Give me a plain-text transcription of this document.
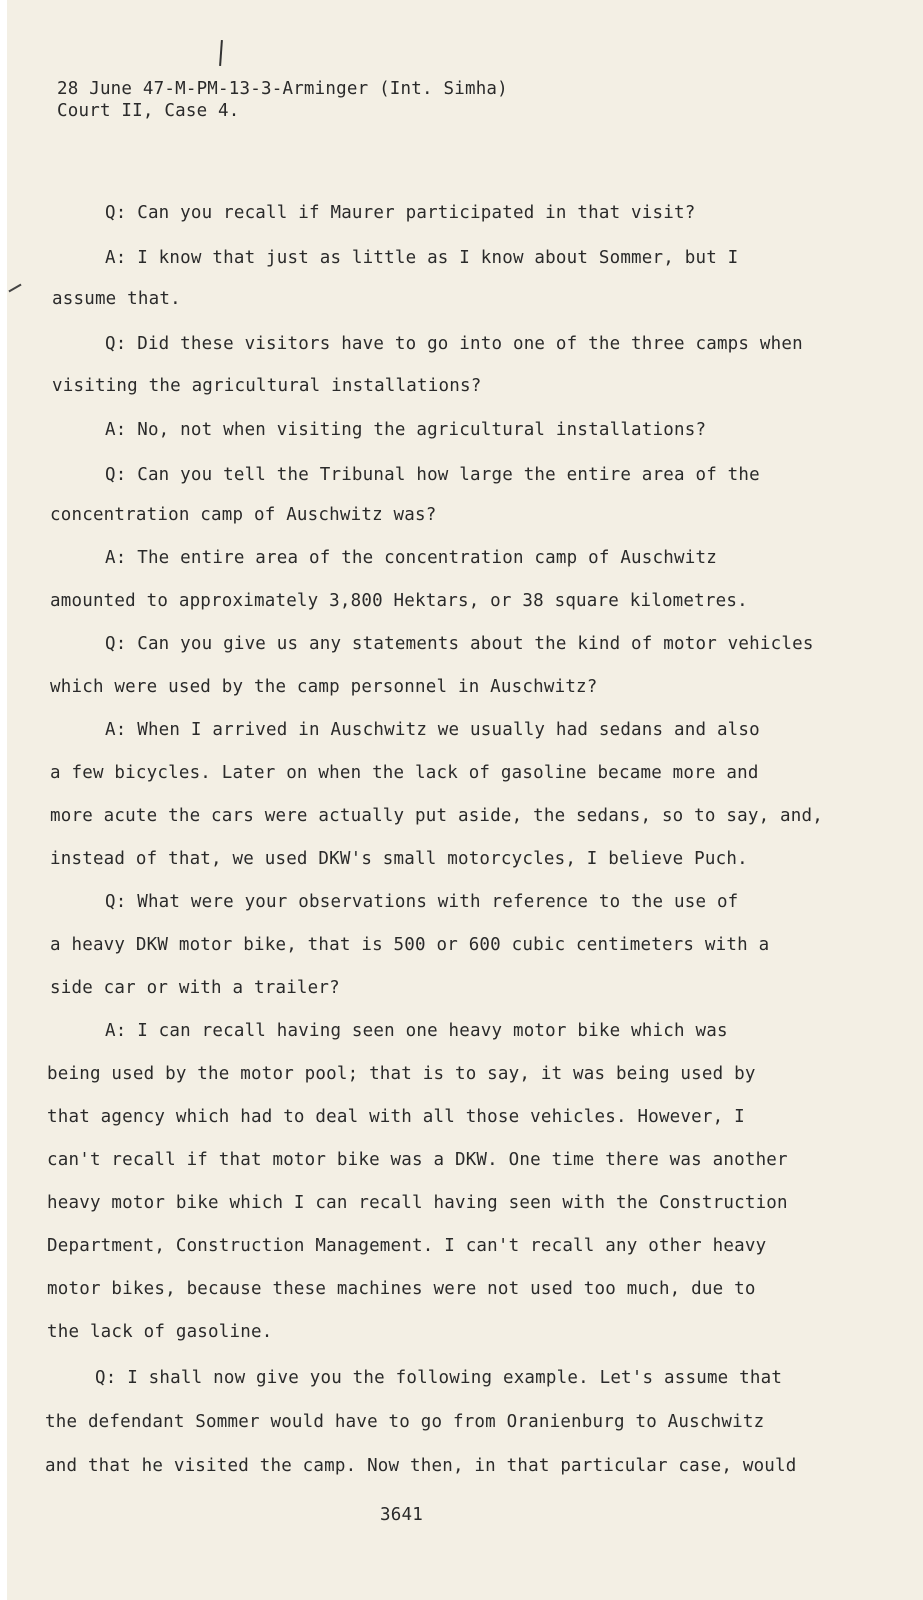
28 June 47-M-PM-13-3-Arminger (Int. Simha)
Court II, Case 4.
Q: Can you recall if Maurer participated in that visit?
A: I know that just as little as I know about Sommer, but I
assume that.
Q: Did these visitors have to go into one of the three camps when
visiting the agricultural installations?
A: No, not when visiting the agricultural installations?
Q: Can you tell the Tribunal how large the entire area of the
concentration camp of Auschwitz was?
A: The entire area of the concentration camp of Auschwitz
amounted to approximately 3,800 Hektars, or 38 square kilometres.
Q: Can you give us any statements about the kind of motor vehicles
which were used by the camp personnel in Auschwitz?
A: When I arrived in Auschwitz we usually had sedans and also
a few bicycles. Later on when the lack of gasoline became more and
more acute the cars were actually put aside, the sedans, so to say, and,
instead of that, we used DKW's small motorcycles, I believe Puch.
Q: What were your observations with reference to the use of
a heavy DKW motor bike, that is 500 or 600 cubic centimeters with a
side car or with a trailer?
A: I can recall having seen one heavy motor bike which was
being used by the motor pool; that is to say, it was being used by
that agency which had to deal with all those vehicles. However, I
can't recall if that motor bike was a DKW. One time there was another
heavy motor bike which I can recall having seen with the Construction
Department, Construction Management. I can't recall any other heavy
motor bikes, because these machines were not used too much, due to
the lack of gasoline.
Q: I shall now give you the following example. Let's assume that
the defendant Sommer would have to go from Oranienburg to Auschwitz
and that he visited the camp. Now then, in that particular case, would
3641
